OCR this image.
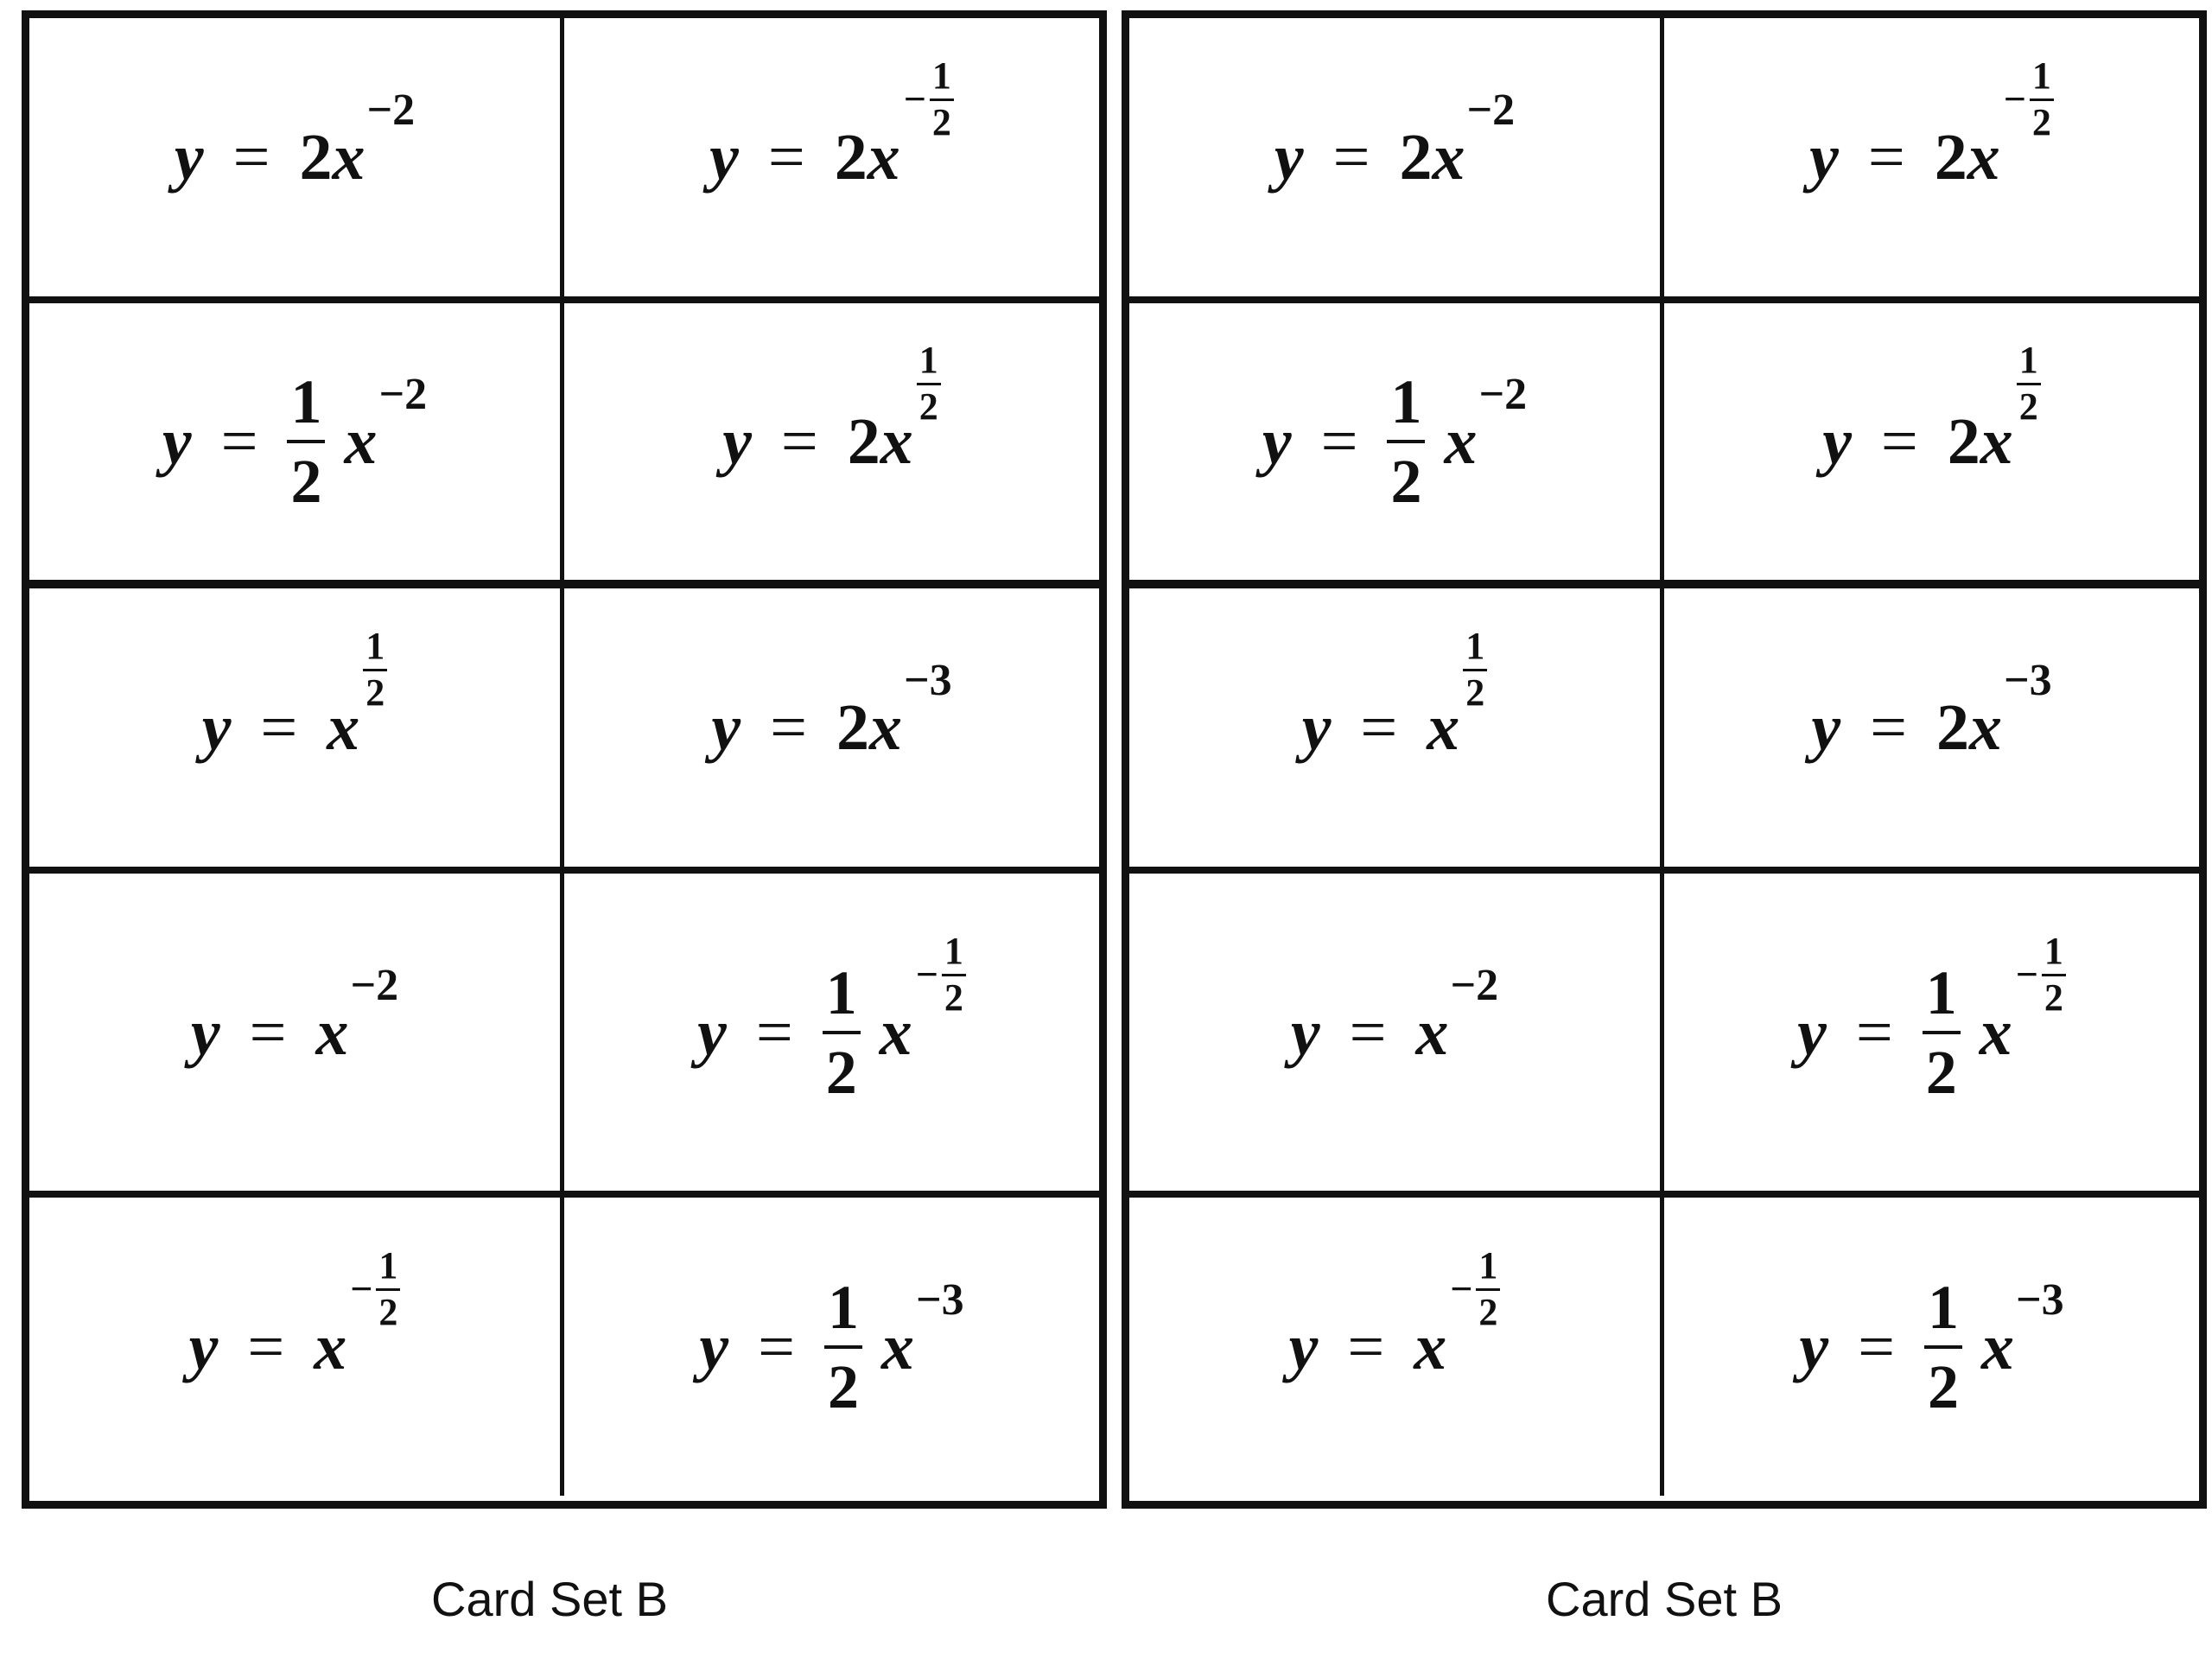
y = 2 x
−2
y = 2 x
− $\frac{1}{2}$
$y = \frac{1}{2}$ x
−2
y = 2 x
$\frac{1}{2}$
y = x
$\frac{1}{2}$
y = 2 x
−3
y = x
−2
$y = \frac{1}{2}$ x
− $\frac{1}{2}$
y = x
− $\frac{1}{2}$
$y = \frac{1}{2}$ x
−3
y = 2 x
−2
y = 2 x
− $\frac{1}{2}$
$y = \frac{1}{2}$ x
−2
y = 2 x
$\frac{1}{2}$
y = x
$\frac{1}{2}$
y = 2 x
−3
y = x
−2
$y = \frac{1}{2}$ x
− $\frac{1}{2}$
y = x
− $\frac{1}{2}$
$y = \frac{1}{2}$ x
−3
Card Set B	Card Set B
